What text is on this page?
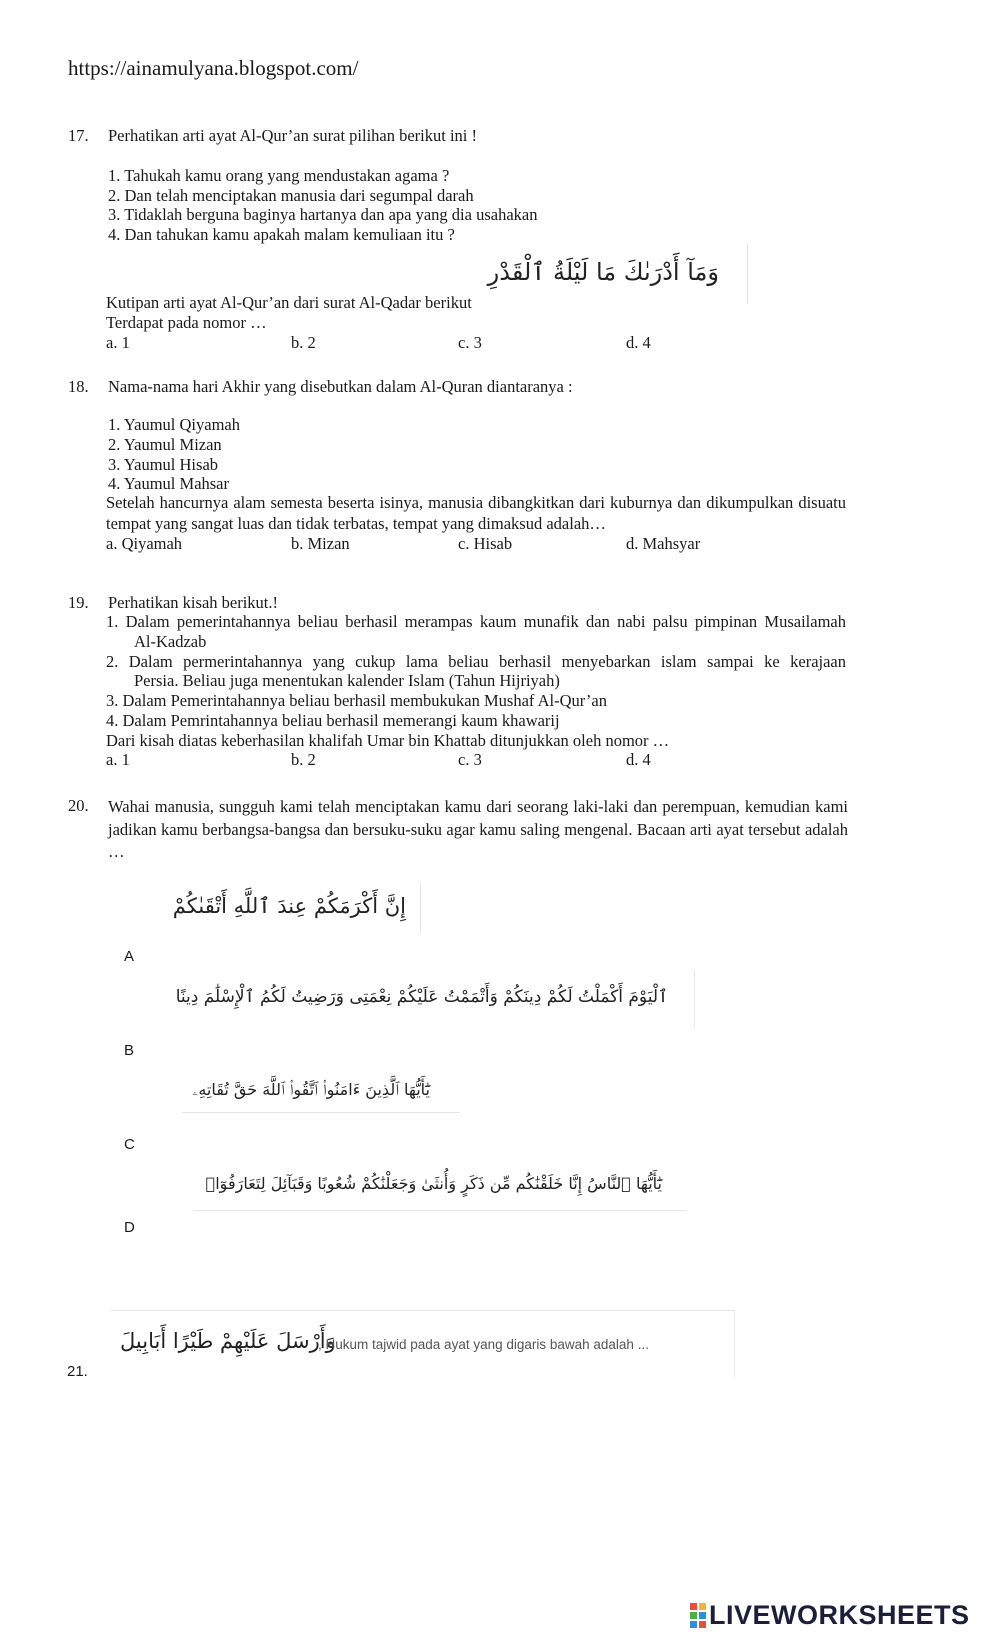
https://ainamulyana.blogspot.com/
17. Perhatikan arti ayat Al-Qur’an surat pilihan berikut ini !
1. Tahukah kamu orang yang mendustakan agama ?
2. Dan telah menciptakan manusia dari segumpal darah
3. Tidaklah berguna baginya hartanya dan apa yang dia usahakan
4. Dan tahukan kamu apakah malam kemuliaan itu ?
وَمَآ أَدْرَىٰكَ مَا لَيْلَةُ ٱلْقَدْرِ
Kutipan arti ayat Al-Qur’an dari surat Al-Qadar berikut
Terdapat pada nomor …
a. 1	b. 2	c. 3	d. 4
18. Nama-nama hari Akhir yang disebutkan dalam Al-Quran diantaranya :
1. Yaumul Qiyamah
2. Yaumul Mizan
3. Yaumul Hisab
4. Yaumul Mahsar
Setelah hancurnya alam semesta beserta isinya, manusia dibangkitkan dari kuburnya dan dikumpulkan disuatu tempat yang sangat luas dan tidak terbatas, tempat yang dimaksud adalah…
a. Qiyamah	b. Mizan	c. Hisab	d. Mahsyar
19. Perhatikan kisah berikut.!
1. Dalam pemerintahannya beliau berhasil merampas kaum munafik dan nabi palsu pimpinan Musailamah
Al-Kadzab
2. Dalam permerintahannya yang cukup lama beliau berhasil menyebarkan islam sampai ke kerajaan
Persia. Beliau juga menentukan kalender Islam (Tahun Hijriyah)
3. Dalam Pemerintahannya beliau berhasil membukukan Mushaf Al-Qur’an
4. Dalam Pemrintahannya beliau berhasil memerangi kaum khawarij
Dari kisah diatas keberhasilan khalifah Umar bin Khattab ditunjukkan oleh nomor …
a. 1	b. 2	c. 3	d. 4
20. Wahai manusia, sungguh kami telah menciptakan kamu dari seorang laki-laki dan perempuan, kemudian kami jadikan kamu berbangsa-bangsa dan bersuku-suku agar kamu saling mengenal. Bacaan arti ayat tersebut adalah …
إِنَّ أَكْرَمَكُمْ عِندَ ٱللَّهِ أَتْقَىٰكُمْ
A
ٱلْيَوْمَ أَكْمَلْتُ لَكُمْ دِينَكُمْ وَأَتْمَمْتُ عَلَيْكُمْ نِعْمَتِى وَرَضِيتُ لَكُمُ ٱلْإِسْلَٰمَ دِينًا
B
يَٰٓأَيُّهَا ٱلَّذِينَ ءَامَنُوا۟ ٱتَّقُوا۟ ٱللَّهَ حَقَّ تُقَاتِهِۦ
C
يَٰٓأَيُّهَا ٱلنَّاسُ إِنَّا خَلَقْنَٰكُم مِّن ذَكَرٍ وَأُنثَىٰ وَجَعَلْنَٰكُمْ شُعُوبًا وَقَبَآئِلَ لِتَعَارَفُوٓا۟
D
21.
وَأَرْسَلَ عَلَيْهِمْ طَيْرًا أَبَابِيلَ
, Hukum tajwid pada ayat yang digaris bawah adalah ...
LIVEWORKSHEETS
